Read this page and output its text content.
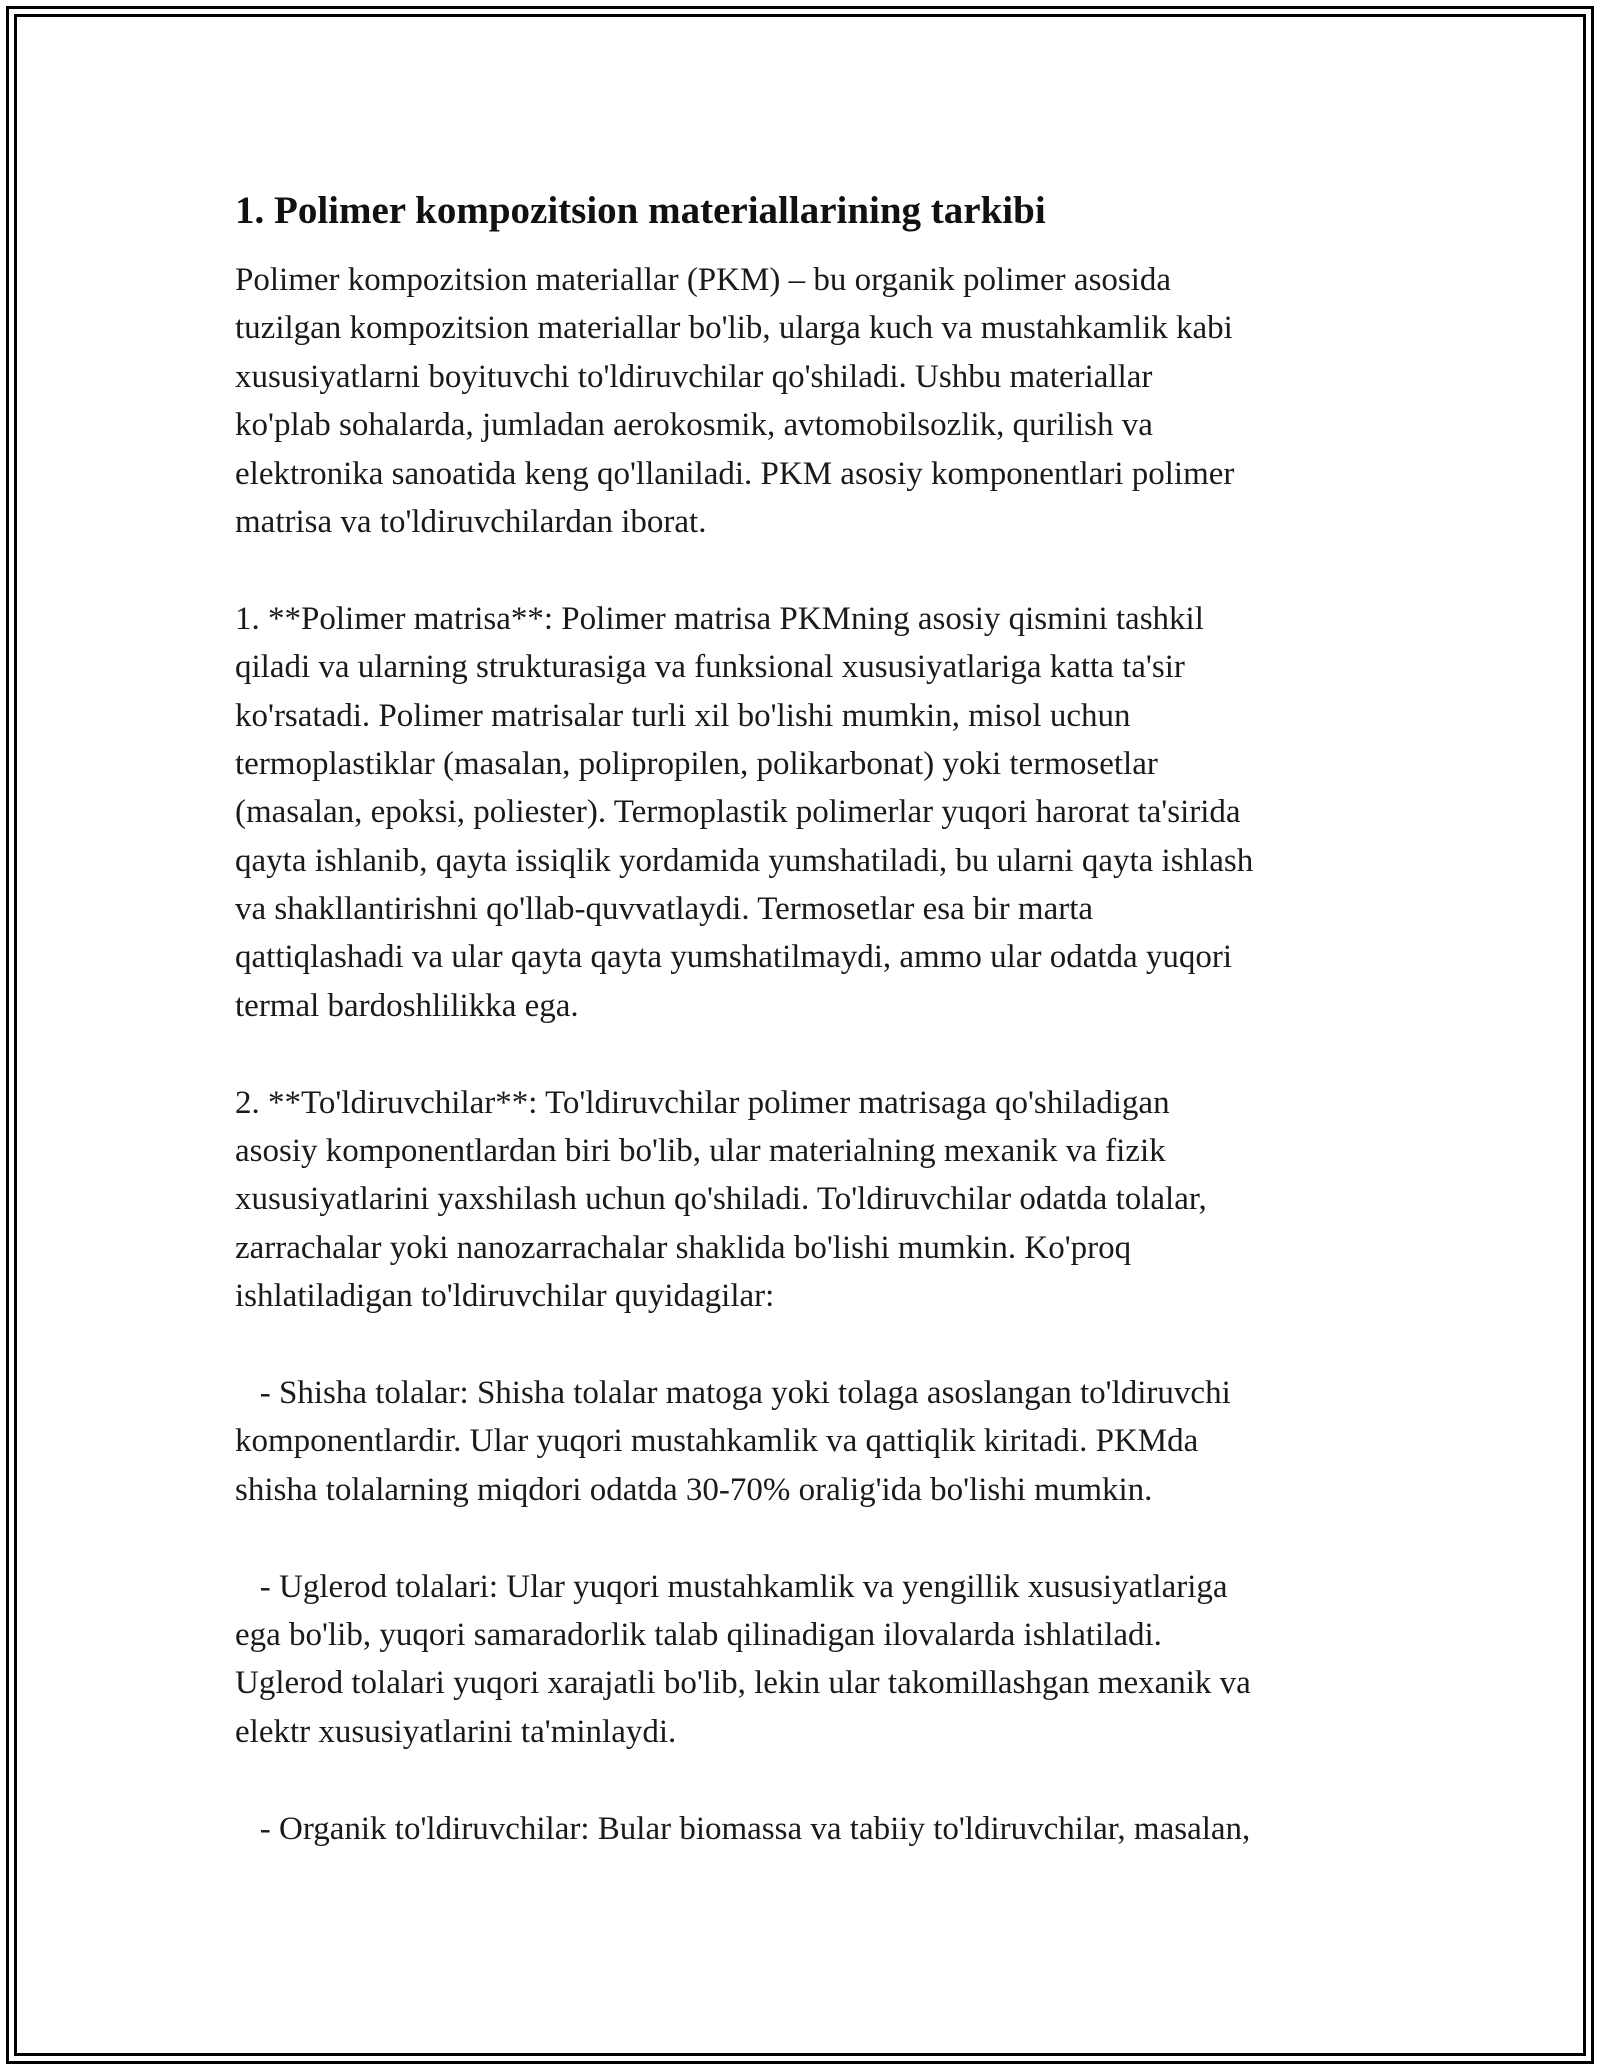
1. Polimer kompozitsion materiallarining tarkibi
Polimer kompozitsion materiallar (PKM) – bu organik polimer asosida
tuzilgan kompozitsion materiallar bo'lib, ularga kuch va mustahkamlik kabi
xususiyatlarni boyituvchi to'ldiruvchilar qo'shiladi. Ushbu materiallar
ko'plab sohalarda, jumladan aerokosmik, avtomobilsozlik, qurilish va
elektronika sanoatida keng qo'llaniladi. PKM asosiy komponentlari polimer
matrisa va to'ldiruvchilardan iborat.
1. **Polimer matrisa**: Polimer matrisa PKMning asosiy qismini tashkil
qiladi va ularning strukturasiga va funksional xususiyatlariga katta ta'sir
ko'rsatadi. Polimer matrisalar turli xil bo'lishi mumkin, misol uchun
termoplastiklar (masalan, polipropilen, polikarbonat) yoki termosetlar
(masalan, epoksi, poliester). Termoplastik polimerlar yuqori harorat ta'sirida
qayta ishlanib, qayta issiqlik yordamida yumshatiladi, bu ularni qayta ishlash
va shakllantirishni qo'llab-quvvatlaydi. Termosetlar esa bir marta
qattiqlashadi va ular qayta qayta yumshatilmaydi, ammo ular odatda yuqori
termal bardoshlilikka ega.
2. **To'ldiruvchilar**: To'ldiruvchilar polimer matrisaga qo'shiladigan
asosiy komponentlardan biri bo'lib, ular materialning mexanik va fizik
xususiyatlarini yaxshilash uchun qo'shiladi. To'ldiruvchilar odatda tolalar,
zarrachalar yoki nanozarrachalar shaklida bo'lishi mumkin. Ko'proq
ishlatiladigan to'ldiruvchilar quyidagilar:
- Shisha tolalar: Shisha tolalar matoga yoki tolaga asoslangan to'ldiruvchi
komponentlardir. Ular yuqori mustahkamlik va qattiqlik kiritadi. PKMda
shisha tolalarning miqdori odatda 30-70% oralig'ida bo'lishi mumkin.
- Uglerod tolalari: Ular yuqori mustahkamlik va yengillik xususiyatlariga
ega bo'lib, yuqori samaradorlik talab qilinadigan ilovalarda ishlatiladi.
Uglerod tolalari yuqori xarajatli bo'lib, lekin ular takomillashgan mexanik va
elektr xususiyatlarini ta'minlaydi.
- Organik to'ldiruvchilar: Bular biomassa va tabiiy to'ldiruvchilar, masalan,
